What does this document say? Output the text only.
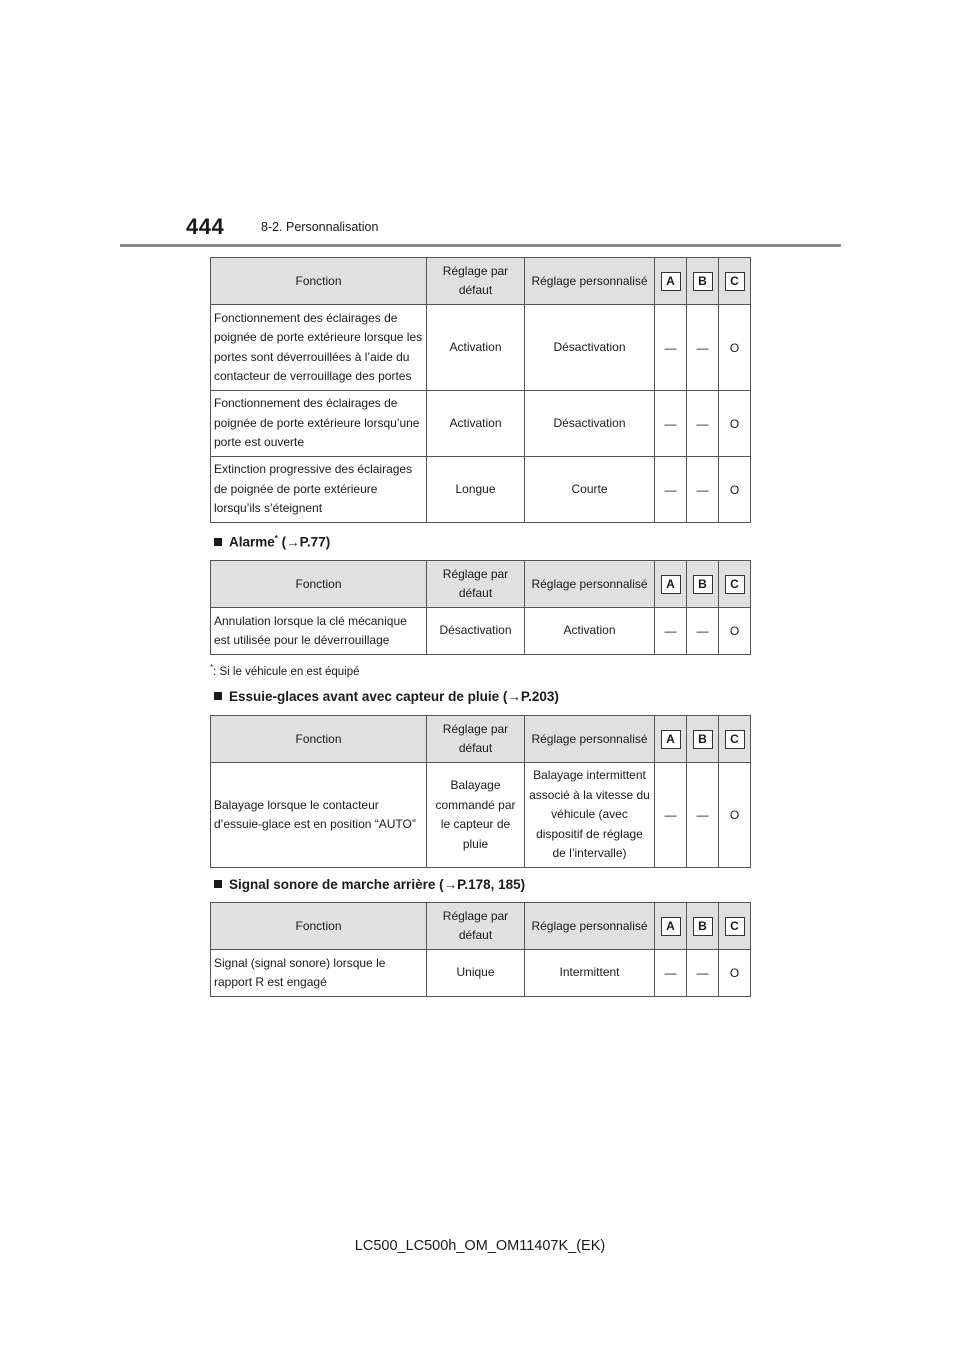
444	8-2. Personnalisation
Fonction	Réglage par défaut	Réglage personnalisé	A	B	C
Fonctionnement des éclairages de poignée de porte extérieure lorsque les portes sont déverrouillées à l’aide du contacteur de verrouillage des portes	Activation	Désactivation	—	—	O
Fonctionnement des éclairages de poignée de porte extérieure lorsqu’une porte est ouverte	Activation	Désactivation	—	—	O
Extinction progressive des éclairages de poignée de porte extérieure lorsqu’ils s’éteignent	Longue	Courte	—	—	O
Alarme* (→P.77)
Fonction	Réglage par défaut	Réglage personnalisé	A	B	C
Annulation lorsque la clé mécanique est utilisée pour le déverrouillage	Désactivation	Activation	—	—	O
*: Si le véhicule en est équipé
Essuie-glaces avant avec capteur de pluie (→P.203)
Fonction	Réglage par défaut	Réglage personnalisé	A	B	C
Balayage lorsque le contacteur d’essuie-glace est en position “AUTO”	Balayage commandé par le capteur de pluie	Balayage intermittent associé à la vitesse du véhicule (avec dispositif de réglage de l’intervalle)	—	—	O
Signal sonore de marche arrière (→P.178, 185)
Fonction	Réglage par défaut	Réglage personnalisé	A	B	C
Signal (signal sonore) lorsque le rapport R est engagé	Unique	Intermittent	—	—	O
LC500_LC500h_OM_OM11407K_(EK)
